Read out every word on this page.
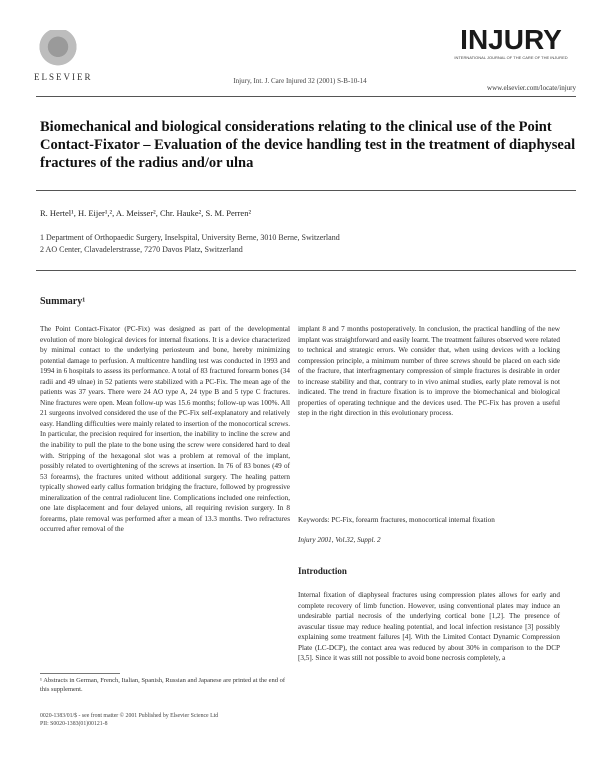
ELSEVIER	Injury, Int. J. Care Injured 32 (2001) S-B-10-14
INJURY
INTERNATIONAL JOURNAL OF THE CARE OF THE INJURED
www.elsevier.com/locate/injury
Biomechanical and biological considerations relating to the clinical use of the Point Contact-Fixator – Evaluation of the device handling test in the treatment of diaphyseal fractures of the radius and/or ulna
R. Hertel¹, H. Eijer¹,², A. Meisser², Chr. Hauke², S. M. Perren²
1 Department of Orthopaedic Surgery, Inselspital, University Berne, 3010 Berne, Switzerland
2 AO Center, Clavadelerstrasse, 7270 Davos Platz, Switzerland
Summary¹
The Point Contact-Fixator (PC-Fix) was designed as part of the developmental evolution of more biological devices for internal fixations. It is a device characterized by minimal contact to the underlying periosteum and bone, hereby minimizing potential damage to perfusion. A multicentre handling test was conducted in 1993 and 1994 in 6 hospitals to assess its performance. A total of 83 fractured forearm bones (34 radii and 49 ulnae) in 52 patients were stabilized with a PC-Fix. The mean age of the patients was 37 years. There were 24 AO type A, 24 type B and 5 type C fractures. Nine fractures were open. Mean follow-up was 15.6 months; follow-up was 100%. All 21 surgeons involved considered the use of the PC-Fix self-explanatory and relatively easy. Handling difficulties were mainly related to insertion of the monocortical screws. In particular, the precision required for insertion, the inability to incline the screw and the inability to pull the plate to the bone using the screw were considered hard to deal with. Stripping of the hexagonal slot was a problem at removal of the implant, possibly related to overtightening of the screws at insertion. In 76 of 83 bones (49 of 53 forearms), the fractures united without additional surgery. The healing pattern typically showed early callus formation bridging the fracture, followed by progressive mineralization of the central radiolucent line. Complications included one reinfection, one late displacement and four delayed unions, all requiring revision surgery. In 8 forearms, plate removal was performed after a mean of 13.3 months. Two refractures occurred after removal of the
implant 8 and 7 months postoperatively. In conclusion, the practical handling of the new implant was straightforward and easily learnt. The treatment failures observed were related to technical and strategic errors. We consider that, when using devices with a locking compression principle, a minimum number of three screws should be placed on each side of the fracture, that interfragmentary compression of simple fractures is desirable in order to increase stability and that, contrary to in vivo animal studies, early plate removal is not indicated. The trend in fracture fixation is to improve the biomechanical and biological properties of operating technique and the devices used. The PC-Fix has proven a useful step in the right direction in this evolutionary process.
Keywords: PC-Fix, forearm fractures, monocortical internal fixation
Injury 2001, Vol.32, Suppl. 2
Introduction
Internal fixation of diaphyseal fractures using compression plates allows for early and complete recovery of limb function. However, using conventional plates may induce an undesirable partial necrosis of the underlying cortical bone [1,2]. The presence of avascular tissue may reduce healing potential, and local infection resistance [3] possibly explaining some treatment failures [4]. With the Limited Contact Dynamic Compression Plate (LC-DCP), the contact area was reduced by about 30% in comparison to the DCP [3,5]. Since it was still not possible to avoid bone necrosis completely, a
¹ Abstracts in German, French, Italian, Spanish, Russian and Japanese are printed at the end of this supplement.
0020-1383/01/$ - see front matter © 2001 Published by Elsevier Science Ltd
PII: S0020-1383(01)00121-8
